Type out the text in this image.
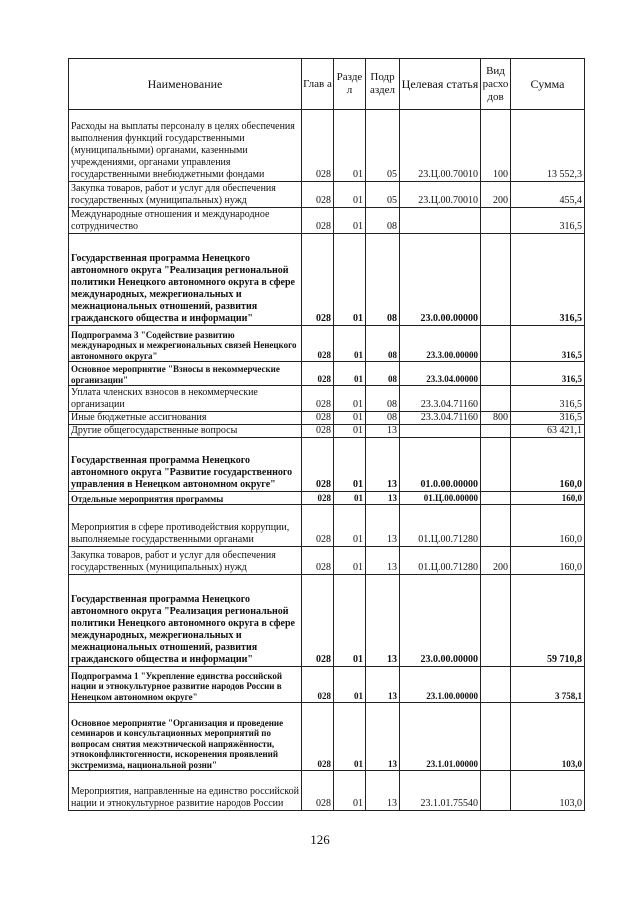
Наименование	Глав а	Разде л	Подр аздел	Целевая статья	Вид расхо дов	Сумма
Расходы на выплаты персоналу в целях обеспечения выполнения функций государственными (муниципальными) органами, казенными учреждениями, органами управления государственными внебюджетными фондами	028	01	05	23.Ц.00.70010	100	13 552,3
Закупка товаров, работ и услуг для обеспечения государственных (муниципальных) нужд	028	01	05	23.Ц.00.70010	200	455,4
Международные отношения и международное сотрудничество	028	01	08			316,5
Государственная программа Ненецкого автономного округа "Реализация региональной политики Ненецкого автономного округа в сфере международных, межрегиональных и межнациональных отношений, развития гражданского общества и информации"	028	01	08	23.0.00.00000		316,5
Подпрограмма 3 "Содействие развитию международных и межрегиональных связей Ненецкого автономного округа"	028	01	08	23.3.00.00000		316,5
Основное мероприятие "Взносы в некоммерческие организации"	028	01	08	23.3.04.00000		316,5
Уплата членских взносов в некоммерческие организации	028	01	08	23.3.04.71160		316,5
Иные бюджетные ассигнования	028	01	08	23.3.04.71160	800	316,5
Другие общегосударственные вопросы	028	01	13			63 421,1
Государственная программа Ненецкого автономного округа "Развитие государственного управления в Ненецком автономном округе"	028	01	13	01.0.00.00000		160,0
Отдельные мероприятия программы	028	01	13	01.Ц.00.00000		160,0
Мероприятия в сфере противодействия коррупции, выполняемые государственными органами	028	01	13	01.Ц.00.71280		160,0
Закупка товаров, работ и услуг для обеспечения государственных (муниципальных) нужд	028	01	13	01.Ц.00.71280	200	160,0
Государственная программа Ненецкого автономного округа "Реализация региональной политики Ненецкого автономного округа в сфере международных, межрегиональных и межнациональных отношений, развития гражданского общества и информации"	028	01	13	23.0.00.00000		59 710,8
Подпрограмма 1 "Укрепление единства российской нации и этнокультурное развитие народов России в Ненецком автономном округе"	028	01	13	23.1.00.00000		3 758,1
Основное мероприятие "Организация и проведение семинаров и консультационных мероприятий по вопросам снятия межэтнической напряжённости, этноконфликтогенности, искоренения проявлений экстремизма, национальной розни"	028	01	13	23.1.01.00000		103,0
Мероприятия, направленные на единство российской нации и этнокультурное развитие народов России	028	01	13	23.1.01.75540		103,0
126
